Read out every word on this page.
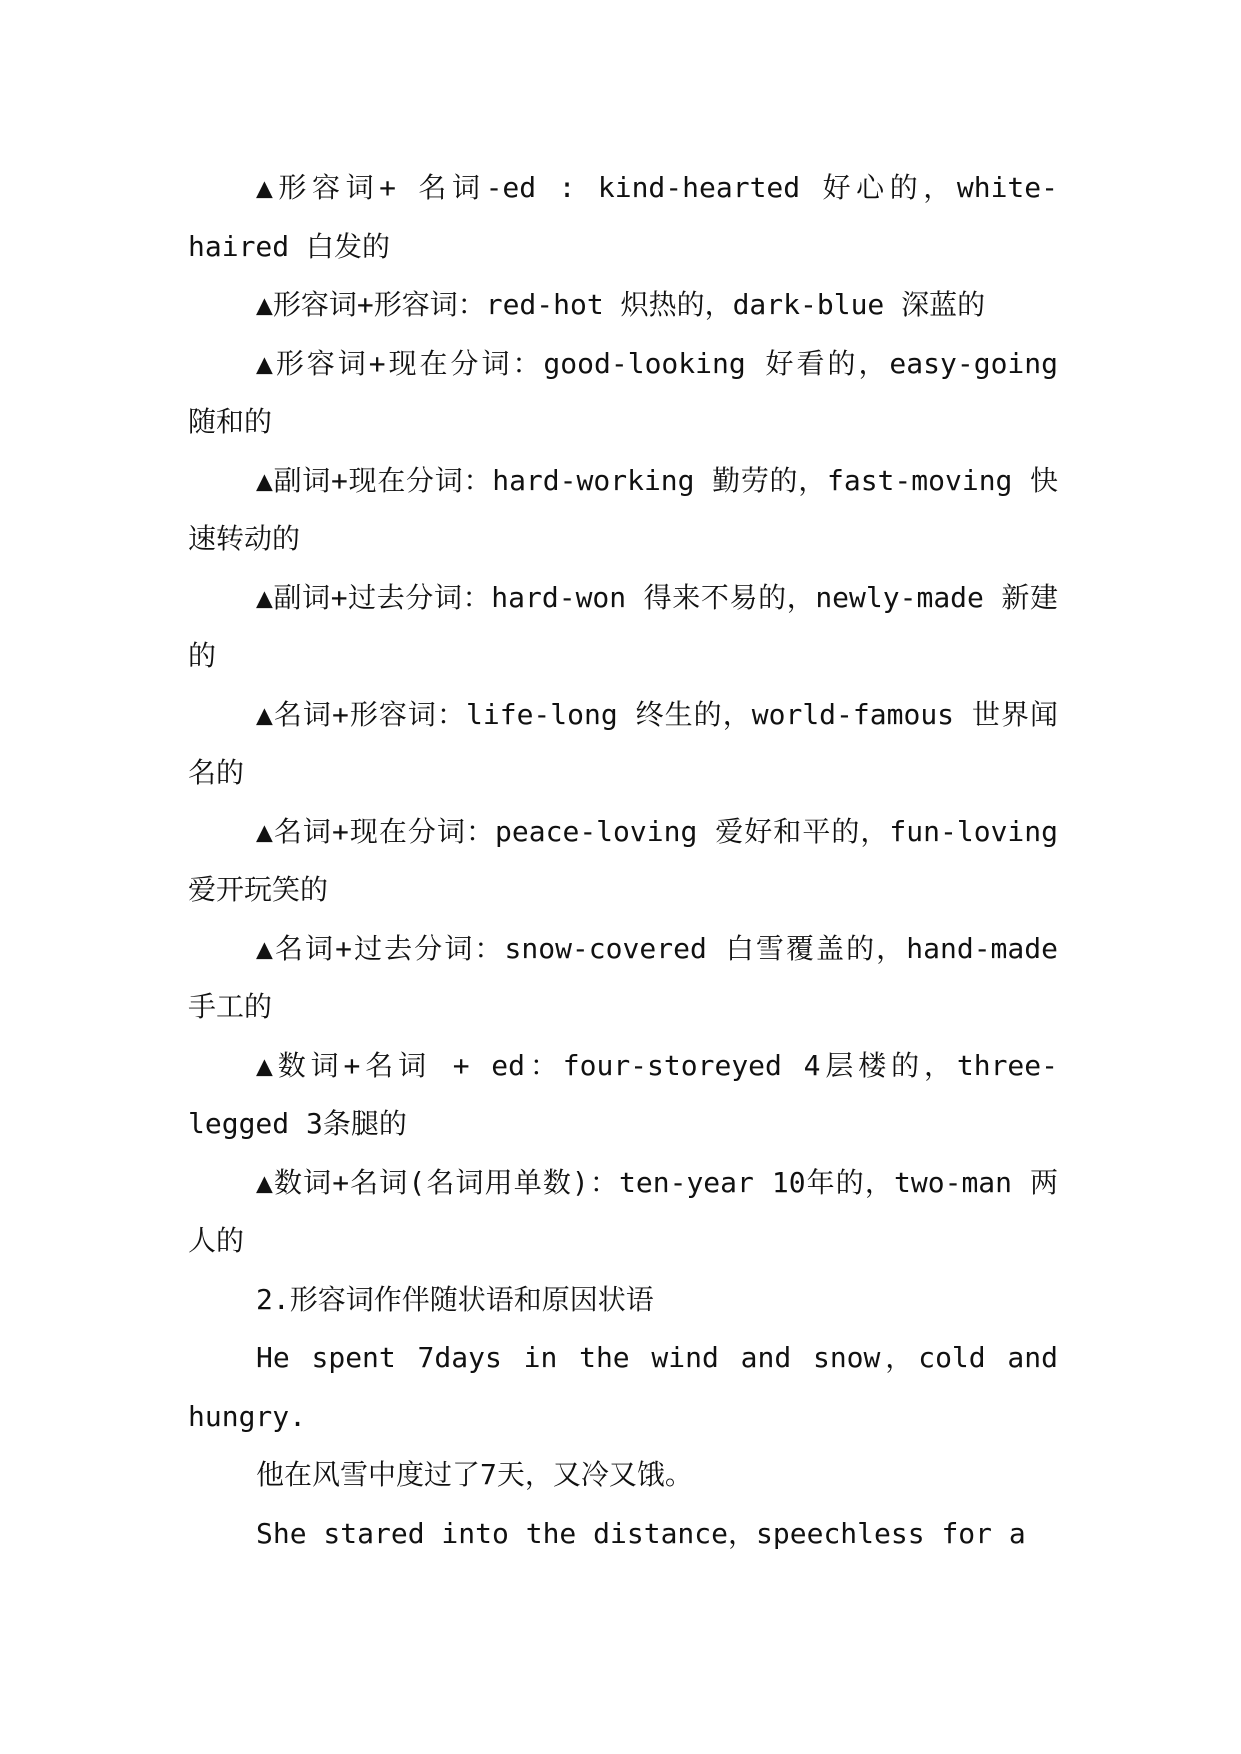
▲形容词+ 名词-ed : kind-hearted 好心的，white-haired 白发的

▲形容词+形容词：red-hot 炽热的，dark-blue 深蓝的

▲形容词+现在分词：good-looking 好看的，easy-going 随和的

▲副词+现在分词：hard-working 勤劳的，fast-moving 快速转动的

▲副词+过去分词：hard-won 得来不易的，newly-made 新建的

▲名词+形容词：life-long 终生的，world-famous 世界闻名的

▲名词+现在分词：peace-loving 爱好和平的，fun-loving 爱开玩笑的

▲名词+过去分词：snow-covered 白雪覆盖的，hand-made 手工的

▲数词+名词 + ed：four-storeyed 4层楼的，three-legged 3条腿的

▲数词+名词(名词用单数)：ten-year 10年的，two-man 两人的

2.形容词作伴随状语和原因状语

He spent 7days in the wind and snow，cold and hungry.

他在风雪中度过了7天，又冷又饿。

She stared into the distance，speechless for a
